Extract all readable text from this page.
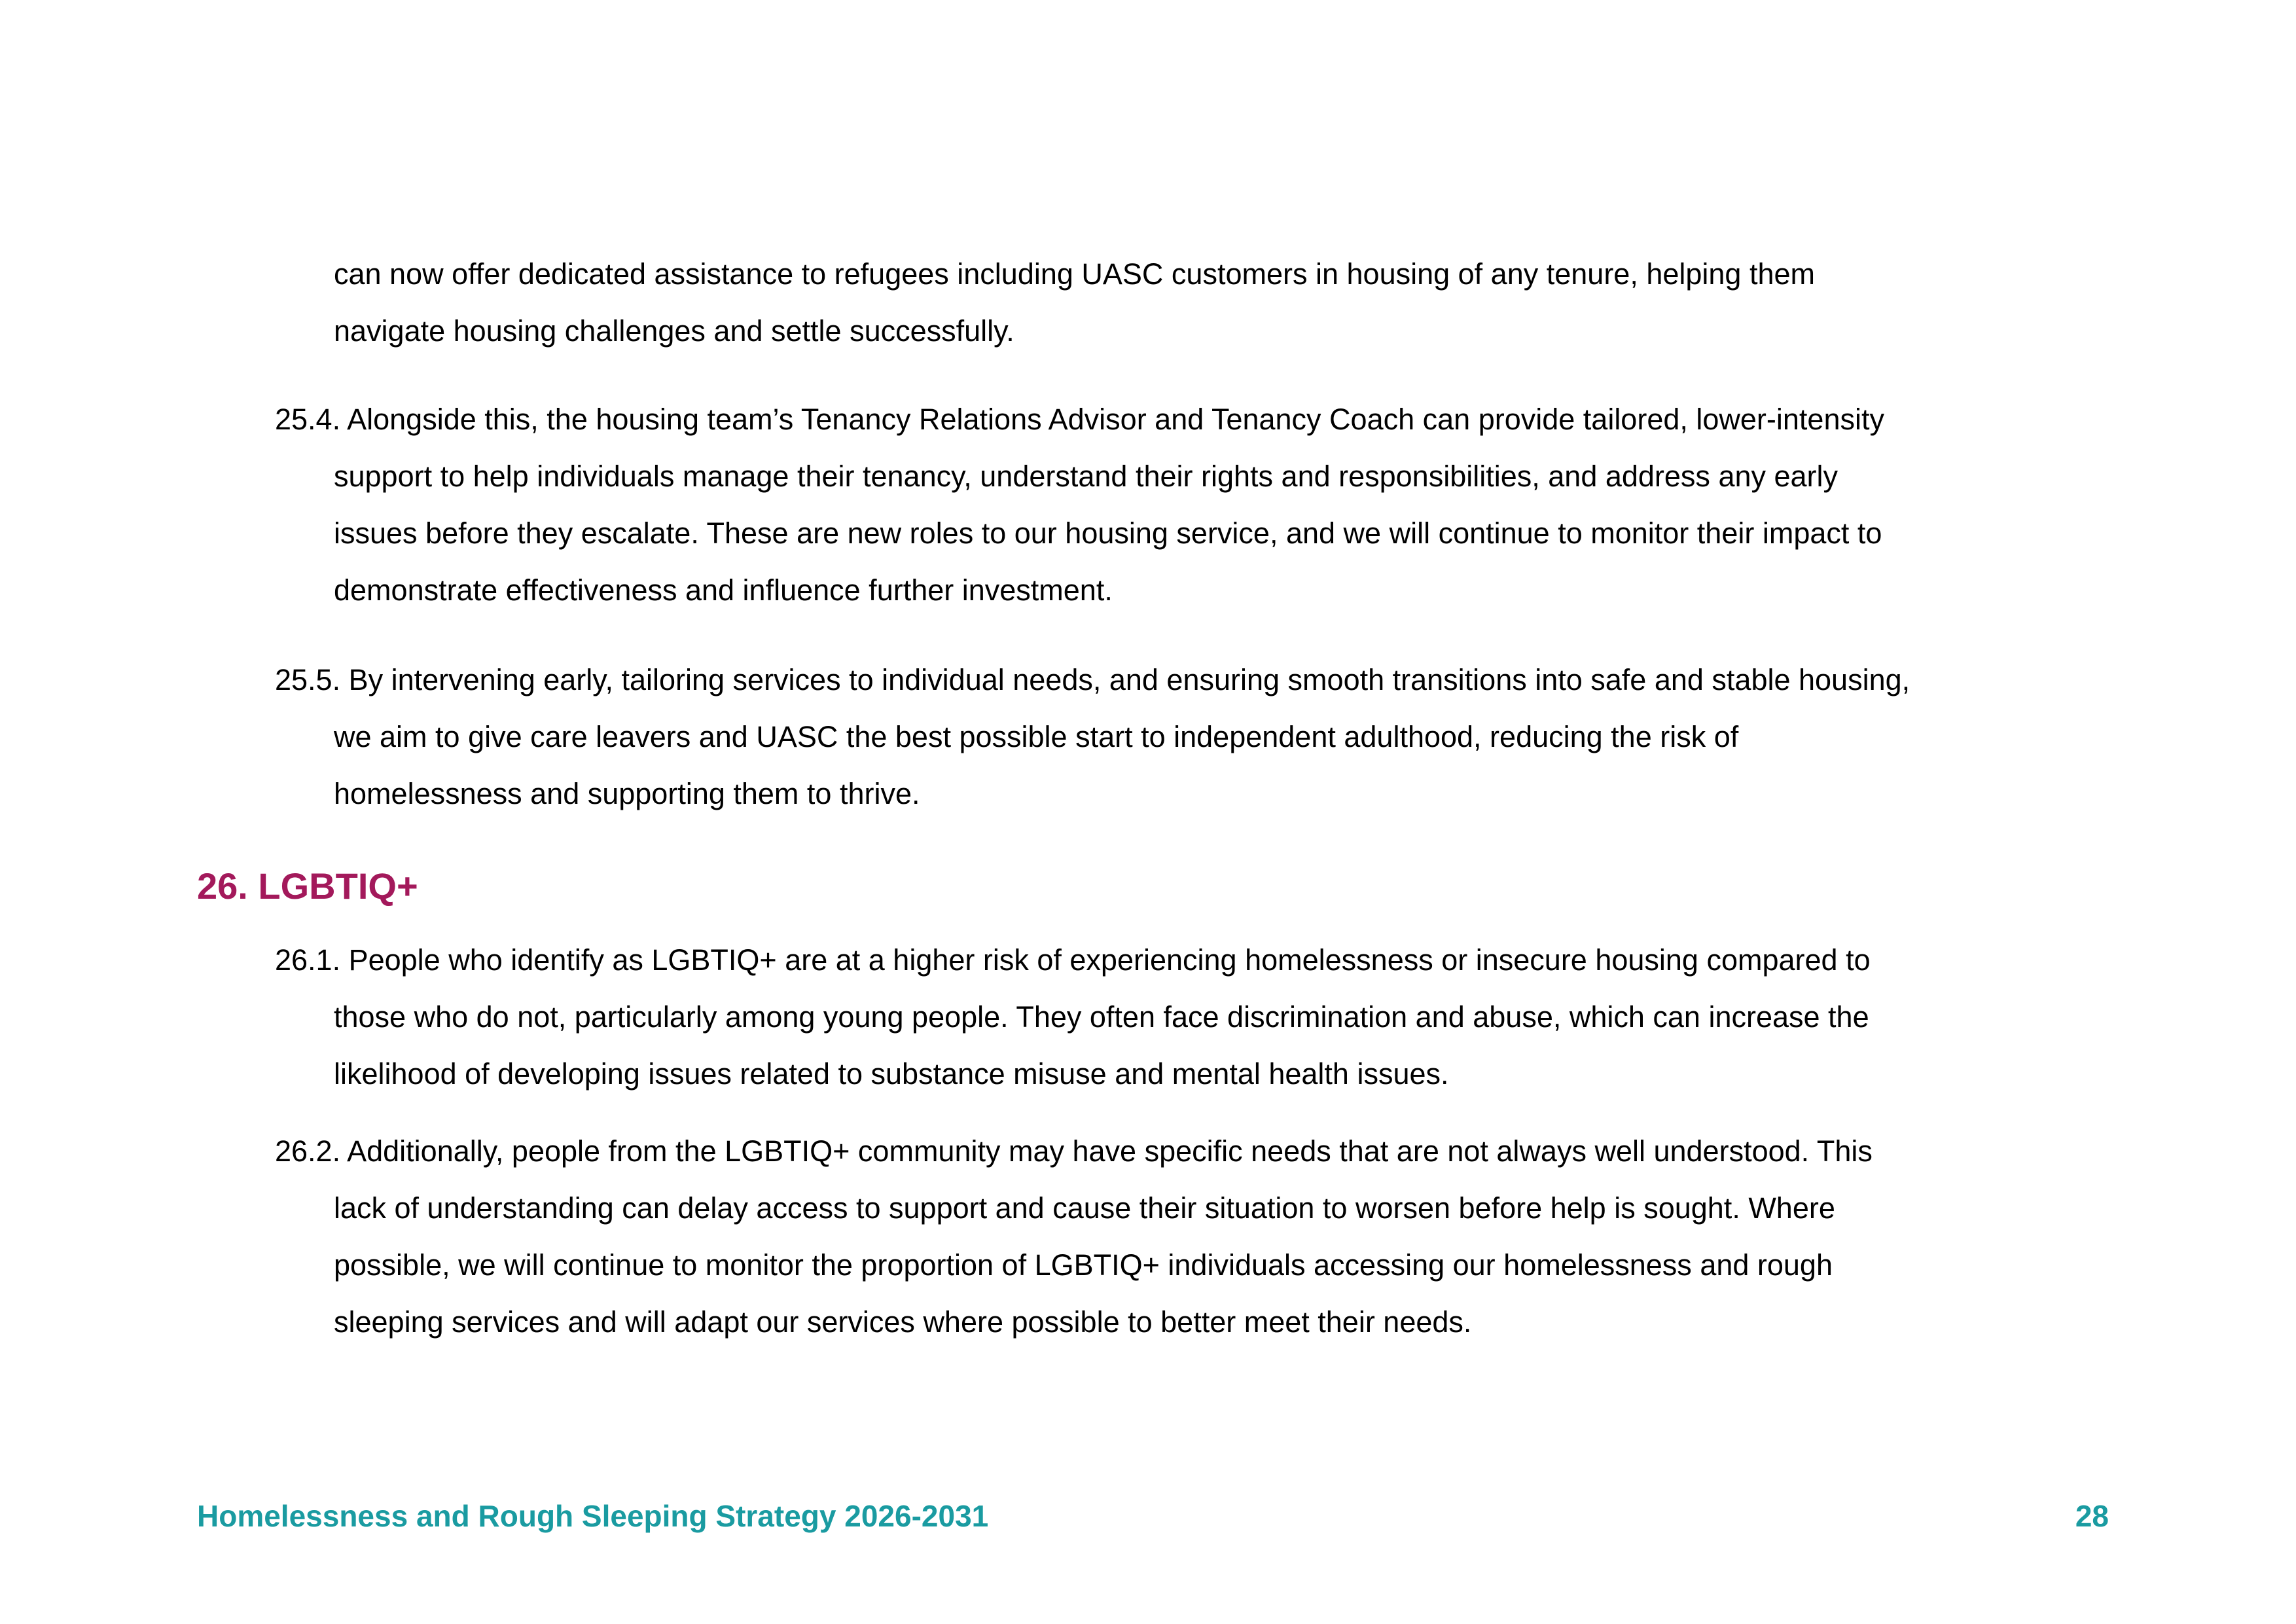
can now offer dedicated assistance to refugees including UASC customers in housing of any tenure, helping them
navigate housing challenges and settle successfully.
25.4. Alongside this, the housing team’s Tenancy Relations Advisor and Tenancy Coach can provide tailored, lower-intensity
support to help individuals manage their tenancy, understand their rights and responsibilities, and address any early
issues before they escalate. These are new roles to our housing service, and we will continue to monitor their impact to
demonstrate effectiveness and influence further investment.
25.5. By intervening early, tailoring services to individual needs, and ensuring smooth transitions into safe and stable housing,
we aim to give care leavers and UASC the best possible start to independent adulthood, reducing the risk of
homelessness and supporting them to thrive.
26. LGBTIQ+
26.1. People who identify as LGBTIQ+ are at a higher risk of experiencing homelessness or insecure housing compared to
those who do not, particularly among young people. They often face discrimination and abuse, which can increase the
likelihood of developing issues related to substance misuse and mental health issues.
26.2. Additionally, people from the LGBTIQ+ community may have specific needs that are not always well understood. This
lack of understanding can delay access to support and cause their situation to worsen before help is sought. Where
possible, we will continue to monitor the proportion of LGBTIQ+ individuals accessing our homelessness and rough
sleeping services and will adapt our services where possible to better meet their needs.
Homelessness and Rough Sleeping Strategy 2026-2031	28
